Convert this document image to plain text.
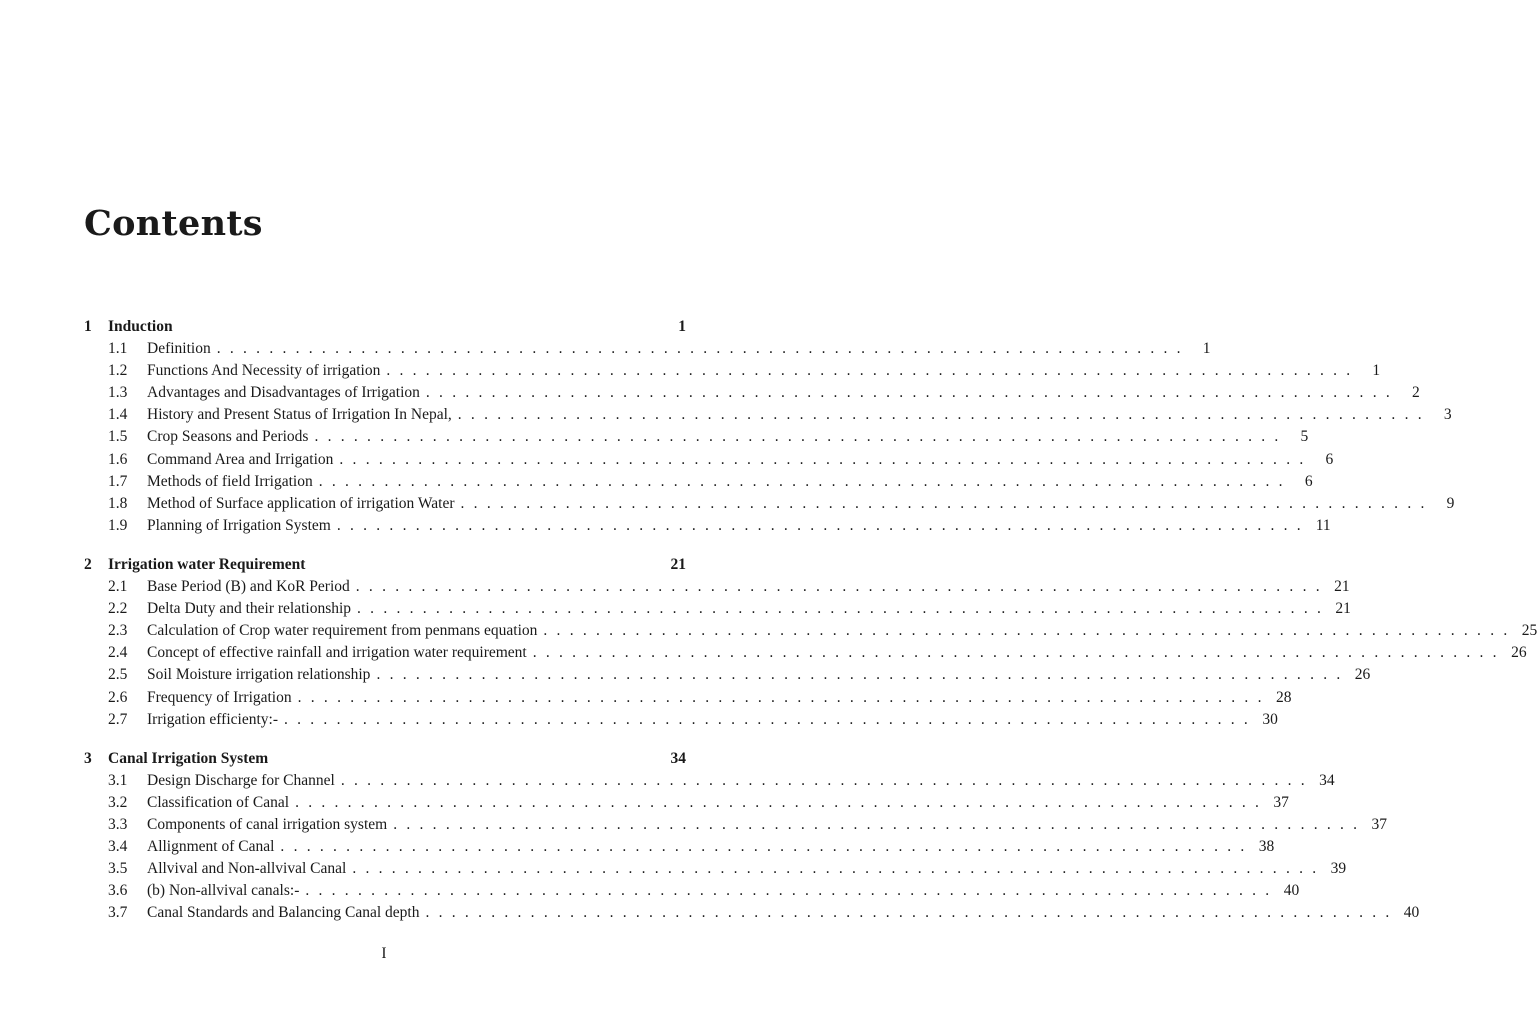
Contents
1	Induction	1
1.1	Definition . . .	1
1.2	Functions And Necessity of irrigation . . .	1
1.3	Advantages and Disadvantages of Irrigation . . .	2
1.4	History and Present Status of Irrigation In Nepal, . . .	3
1.5	Crop Seasons and Periods . . .	5
1.6	Command Area and Irrigation . . .	6
1.7	Methods of field Irrigation . . .	6
1.8	Method of Surface application of irrigation Water . . .	9
1.9	Planning of Irrigation System . . .	11
2	Irrigation water Requirement	21
2.1	Base Period (B) and KoR Period . . .	21
2.2	Delta Duty and their relationship . . .	21
2.3	Calculation of Crop water requirement from penmans equation . . .	25
2.4	Concept of effective rainfall and irrigation water requirement . . .	26
2.5	Soil Moisture irrigation relationship . . .	26
2.6	Frequency of Irrigation . . .	28
2.7	Irrigation efficienty:- . . .	30
3	Canal Irrigation System	34
3.1	Design Discharge for Channel . . .	34
3.2	Classification of Canal . . .	37
3.3	Components of canal irrigation system . . .	37
3.4	Allignment of Canal . . .	38
3.5	Allvival and Non-allvival Canal . . .	39
3.6	(b) Non-allvival canals:- . . .	40
3.7	Canal Standards and Balancing Canal depth . . .	40
I
